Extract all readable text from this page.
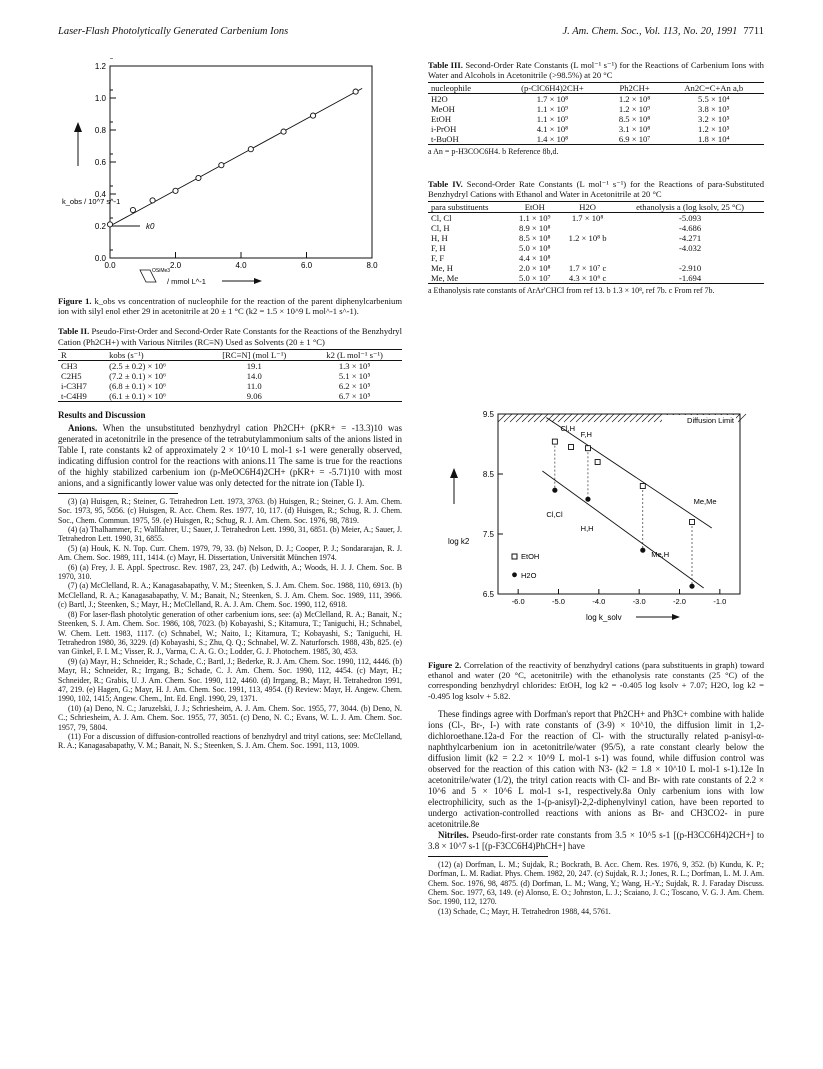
Laser-Flash Photolytically Generated Carbenium Ions	J. Am. Chem. Soc., Vol. 113, No. 20, 1991 7711
0.0
0.2
0.4
0.6
0.8
1.0
1.2
0.0	2.0	4.0	6.0	8.0
k0
k_obs / 10^7 s^-1
/ mmol L^-1
OSiMe3
Figure 1. k_obs vs concentration of nucleophile for the reaction of the parent diphenylcarbenium ion with silyl enol ether 29 in acetonitrile at 20 ± 1 °C (k2 = 1.5 × 10^9 L mol^-1 s^-1).
Table II. Pseudo-First-Order and Second-Order Rate Constants for the Reactions of the Benzhydryl Cation (Ph2CH+) with Various Nitriles (RC≡N) Used as Solvents (20 ± 1 °C)
R	kobs (s⁻¹)	[RC≡N] (mol L⁻¹)	k2 (L mol⁻¹ s⁻¹)
CH3	(2.5 ± 0.2) × 10⁶	19.1	1.3 × 10⁵
C2H5	(7.2 ± 0.1) × 10⁶	14.0	5.1 × 10⁵
i-C3H7	(6.8 ± 0.1) × 10⁶	11.0	6.2 × 10⁵
t-C4H9	(6.1 ± 0.1) × 10⁶	9.06	6.7 × 10⁵
Results and Discussion

Anions. When the unsubstituted benzhydryl cation Ph2CH+ (pKR+ = -13.3)10 was generated in acetonitrile in the presence of the tetrabutylammonium salts of the anions listed in Table I, rate constants k2 of approximately 2 × 10^10 L mol-1 s-1 were generally observed, indicating diffusion control for the reactions with anions.11 The same is true for the reactions of the highly stabilized carbenium ion (p-MeOC6H4)2CH+ (pKR+ = -5.71)10 with most anions, and a significantly lower value was only detected for the nitrate ion (Table I).

(3) (a) Huisgen, R.; Steiner, G. Tetrahedron Lett. 1973, 3763. (b) Huisgen, R.; Steiner, G. J. Am. Chem. Soc. 1973, 95, 5056. (c) Huisgen, R. Acc. Chem. Res. 1977, 10, 117. (d) Huisgen, R.; Schug, R. J. Chem. Soc., Chem. Commun. 1975, 59. (e) Huisgen, R.; Schug, R. J. Am. Chem. Soc. 1976, 98, 7819.

(4) (a) Thalhammer, F.; Wallfahrer, U.; Sauer, J. Tetrahedron Lett. 1990, 31, 6851. (b) Meier, A.; Sauer, J. Tetrahedron Lett. 1990, 31, 6855.

(5) (a) Houk, K. N. Top. Curr. Chem. 1979, 79, 33. (b) Nelson, D. J.; Cooper, P. J.; Sondararajan, R. J. Am. Chem. Soc. 1989, 111, 1414. (c) Mayr, H. Dissertation, Universität München 1974.

(6) (a) Frey, J. E. Appl. Spectrosc. Rev. 1987, 23, 247. (b) Ledwith, A.; Woods, H. J. J. Chem. Soc. B 1970, 310.

(7) (a) McClelland, R. A.; Kanagasabapathy, V. M.; Steenken, S. J. Am. Chem. Soc. 1988, 110, 6913. (b) McClelland, R. A.; Kanagasabapathy, V. M.; Banait, N.; Steenken, S. J. Am. Chem. Soc. 1989, 111, 3966. (c) Bartl, J.; Steenken, S.; Mayr, H.; McClelland, R. A. J. Am. Chem. Soc. 1990, 112, 6918.

(8) For laser-flash photolytic generation of other carbenium ions, see: (a) McClelland, R. A.; Banait, N.; Steenken, S. J. Am. Chem. Soc. 1986, 108, 7023. (b) Kobayashi, S.; Kitamura, T.; Taniguchi, H.; Schnabel, W. Chem. Lett. 1983, 1117. (c) Schnabel, W.; Naito, I.; Kitamura, T.; Kobayashi, S.; Taniguchi, H. Tetrahedron 1980, 36, 3229. (d) Kobayashi, S.; Zhu, Q. Q.; Schnabel, W. Z. Naturforsch. 1988, 43b, 825. (e) van Ginkel, F. I. M.; Visser, R. J., Varma, C. A. G. O.; Lodder, G. J. Photochem. 1985, 30, 453.

(9) (a) Mayr, H.; Schneider, R.; Schade, C.; Bartl, J.; Bederke, R. J. Am. Chem. Soc. 1990, 112, 4446. (b) Mayr, H.; Schneider, R.; Irrgang, B.; Schade, C. J. Am. Chem. Soc. 1990, 112, 4454. (c) Mayr, H.; Schneider, R.; Grabis, U. J. Am. Chem. Soc. 1990, 112, 4460. (d) Irrgang, B.; Mayr, H. Tetrahedron 1991, 47, 219. (e) Hagen, G.; Mayr, H. J. Am. Chem. Soc. 1991, 113, 4954. (f) Review: Mayr, H. Angew. Chem. 1990, 102, 1415; Angew. Chem., Int. Ed. Engl. 1990, 29, 1371.

(10) (a) Deno, N. C.; Jaruzelski, J. J.; Schriesheim, A. J. Am. Chem. Soc. 1955, 77, 3044. (b) Deno, N. C.; Schriesheim, A. J. Am. Chem. Soc. 1955, 77, 3051. (c) Deno, N. C.; Evans, W. L. J. Am. Chem. Soc. 1957, 79, 5804.

(11) For a discussion of diffusion-controlled reactions of benzhydryl and trityl cations, see: McClelland, R. A.; Kanagasabapathy, V. M.; Banait, N. S.; Steenken, S. J. Am. Chem. Soc. 1991, 113, 1009.

Table III. Second-Order Rate Constants (L mol⁻¹ s⁻¹) for the Reactions of Carbenium Ions with Water and Alcohols in Acetonitrile (>98.5%) at 20 °C
nucleophile	(p-ClC6H4)2CH+	Ph2CH+	An2C=C+An a,b
H2O	1.7 × 10⁸	1.2 × 10⁸	5.5 × 10⁴
MeOH	1.1 × 10⁹	1.2 × 10⁹	3.8 × 10⁵
EtOH	1.1 × 10⁹	8.5 × 10⁸	3.2 × 10⁵
i-PrOH	4.1 × 10⁸	3.1 × 10⁸	1.2 × 10⁵
t-BuOH	1.4 × 10⁸	6.9 × 10⁷	1.8 × 10⁴
a An = p-H3COC6H4. b Reference 8b,d.
Table IV. Second-Order Rate Constants (L mol⁻¹ s⁻¹) for the Reactions of para-Substituted Benzhydryl Cations with Ethanol and Water in Acetonitrile at 20 °C
para substituents	EtOH	H2O	ethanolysis a (log ksolv, 25 °C)
Cl, Cl	1.1 × 10⁹	1.7 × 10⁸	-5.093
Cl, H	8.9 × 10⁸		-4.686
H, H	8.5 × 10⁸	1.2 × 10⁸ b	-4.271
F, H	5.0 × 10⁸		-4.032
F, F	4.4 × 10⁸		
Me, H	2.0 × 10⁸	1.7 × 10⁷ c	-2.910
Me, Me	5.0 × 10⁷	4.3 × 10⁶ c	-1.694
a Ethanolysis rate constants of ArAr′CHCl from ref 13. b 1.3 × 10⁸, ref 7b. c From ref 7b.
Diffusion Limit
6.5
7.5
8.5
9.5
-6.0	-5.0	-4.0	-3.0	-2.0	-1.0
Cl,H
F,H
Cl,Cl
H,H
Me,H
Me,Me
EtOH
H2O
log k2
log k_solv
Figure 2. Correlation of the reactivity of benzhydryl cations (para substituents in graph) toward ethanol and water (20 °C, acetonitrile) with the ethanolysis rate constants (25 °C) of the corresponding benzhydryl chlorides: EtOH, log k2 = -0.405 log ksolv + 7.07; H2O, log k2 = -0.495 log ksolv + 5.82.

These findings agree with Dorfman's report that Ph2CH+ and Ph3C+ combine with halide ions (Cl-, Br-, I-) with rate constants of (3-9) × 10^10, the diffusion limit in 1,2-dichloroethane.12a-d For the reaction of Cl- with the structurally related p-anisyl-α-naphthylcarbenium ion in acetonitrile/water (95/5), a rate constant clearly below the diffusion limit (k2 = 2.2 × 10^9 L mol-1 s-1) was found, while diffusion control was observed for the reaction of this cation with N3- (k2 = 1.8 × 10^10 L mol-1 s-1).12e In acetonitrile/water (1/2), the trityl cation reacts with Cl- and Br- with rate constants of 2.2 × 10^6 and 5 × 10^6 L mol-1 s-1, respectively.8a Only carbenium ions with low electrophilicity, such as the 1-(p-anisyl)-2,2-diphenylvinyl cation, have been reported to undergo activation-controlled reactions with anions as Br- and CH3CO2- in pure acetonitrile.8e

Nitriles. Pseudo-first-order rate constants from 3.5 × 10^5 s-1 [(p-H3CC6H4)2CH+] to 3.8 × 10^7 s-1 [(p-F3CC6H4)PhCH+] have

(12) (a) Dorfman, L. M.; Sujdak, R.; Bockrath, B. Acc. Chem. Res. 1976, 9, 352. (b) Kundu, K. P.; Dorfman, L. M. Radiat. Phys. Chem. 1982, 20, 247. (c) Sujdak, R. J.; Jones, R. L.; Dorfman, L. M. J. Am. Chem. Soc. 1976, 98, 4875. (d) Dorfman, L. M.; Wang, Y.; Wang, H.-Y.; Sujdak, R. J. Faraday Discuss. Chem. Soc. 1977, 63, 149. (e) Alonso, E. O.; Johnston, L. J.; Scaiano, J. C.; Toscano, V. G. J. Am. Chem. Soc. 1990, 112, 1270.

(13) Schade, C.; Mayr, H. Tetrahedron 1988, 44, 5761.
